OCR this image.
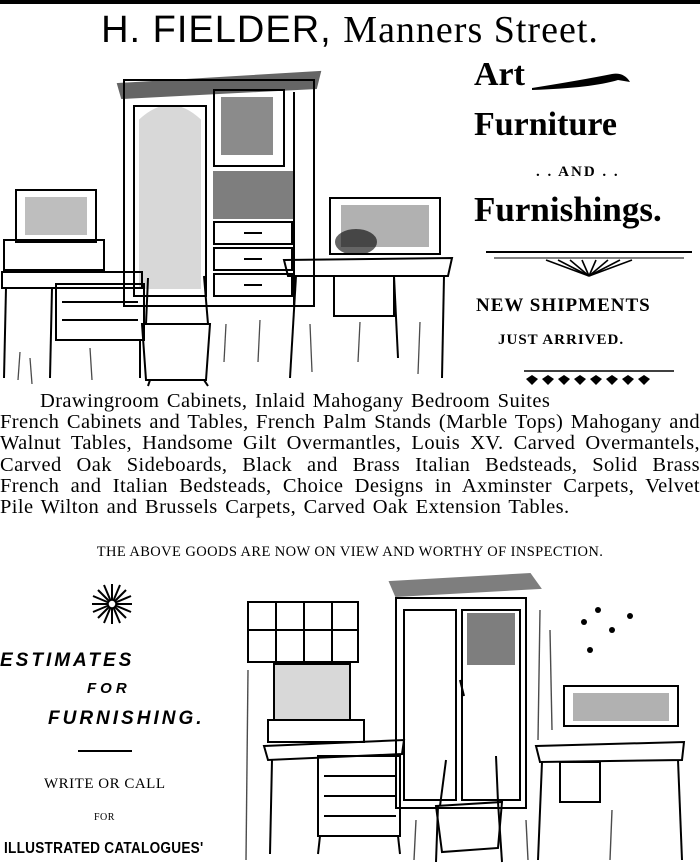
H. FIELDER, Manners Street.
Art
Furniture
. . AND . .
Furnishings.
NEW SHIPMENTS
JUST ARRIVED.
Drawingroom Cabinets, Inlaid Mahogany Bedroom Suites
French Cabinets and Tables, French Palm Stands (Marble Tops) Mahogany and Walnut Tables, Handsome Gilt Overmantles, Louis XV. Carved Overmantels, Carved Oak Sideboards, Black and Brass Italian Bedsteads, Solid Brass French and Italian Bedsteads, Choice Designs in Axminster Carpets, Velvet Pile Wilton and Brussels Carpets, Carved Oak Extension Tables.
THE ABOVE GOODS ARE NOW ON VIEW AND WORTHY OF INSPECTION.
ESTIMATES
FOR
FURNISHING.
WRITE OR CALL
FOR
ILLUSTRATED CATALOGUES'
